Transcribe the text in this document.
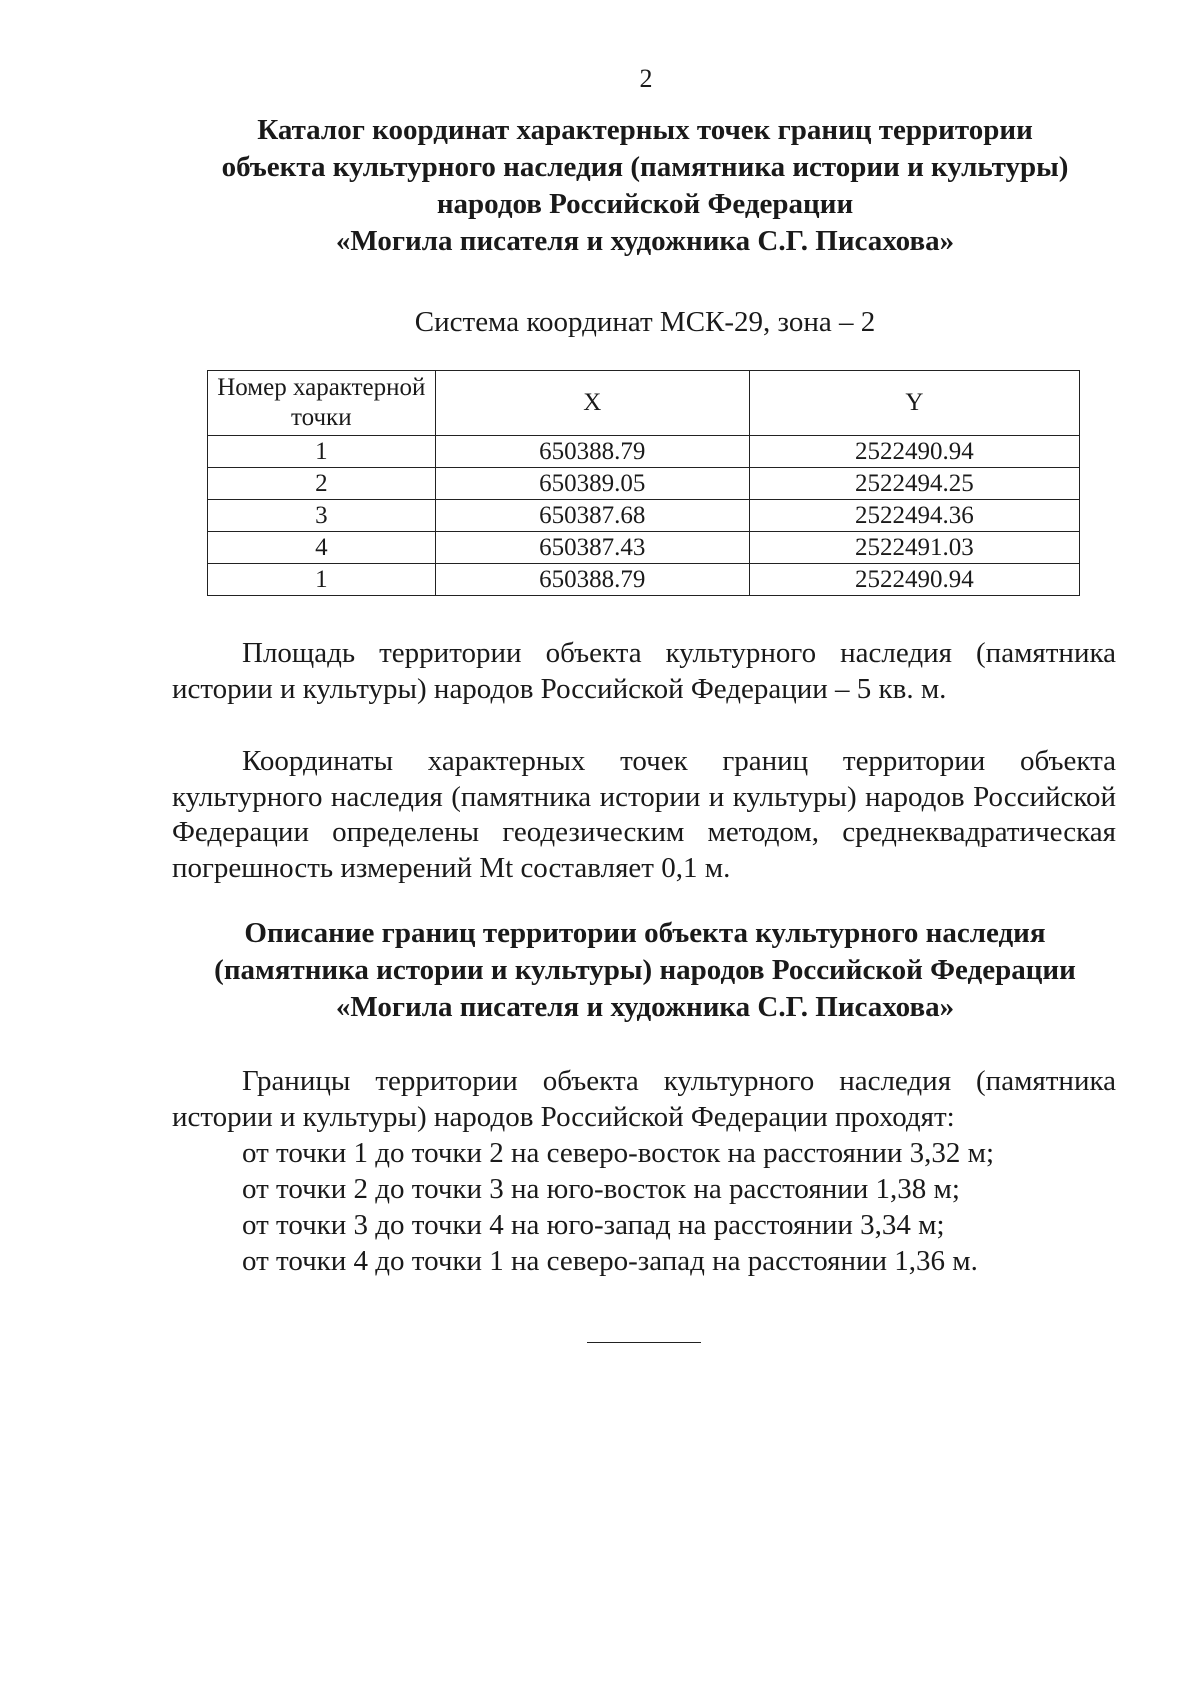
2
Каталог координат характерных точек границ территории
объекта культурного наследия (памятника истории и культуры)
народов Российской Федерации
«Могила писателя и художника С.Г. Писахова»
Система координат МСК-29, зона – 2
Номер характерной точки	X	Y
1	650388.79	2522490.94
2	650389.05	2522494.25
3	650387.68	2522494.36
4	650387.43	2522491.03
1	650388.79	2522490.94

Площадь территории объекта культурного наследия (памятника истории и культуры) народов Российской Федерации – 5 кв. м.

Координаты характерных точек границ территории объекта культурного наследия (памятника истории и культуры) народов Российской Федерации определены геодезическим методом, среднеквадратическая погрешность измерений Mt составляет 0,1 м.

Описание границ территории объекта культурного наследия
(памятника истории и культуры) народов Российской Федерации
«Могила писателя и художника С.Г. Писахова»

Границы территории объекта культурного наследия (памятника истории и культуры) народов Российской Федерации проходят:

от точки 1 до точки 2 на северо-восток на расстоянии 3,32 м;
от точки 2 до точки 3 на юго-восток на расстоянии 1,38 м;
от точки 3 до точки 4 на юго-запад на расстоянии 3,34 м;
от точки 4 до точки 1 на северо-запад на расстоянии 1,36 м.
